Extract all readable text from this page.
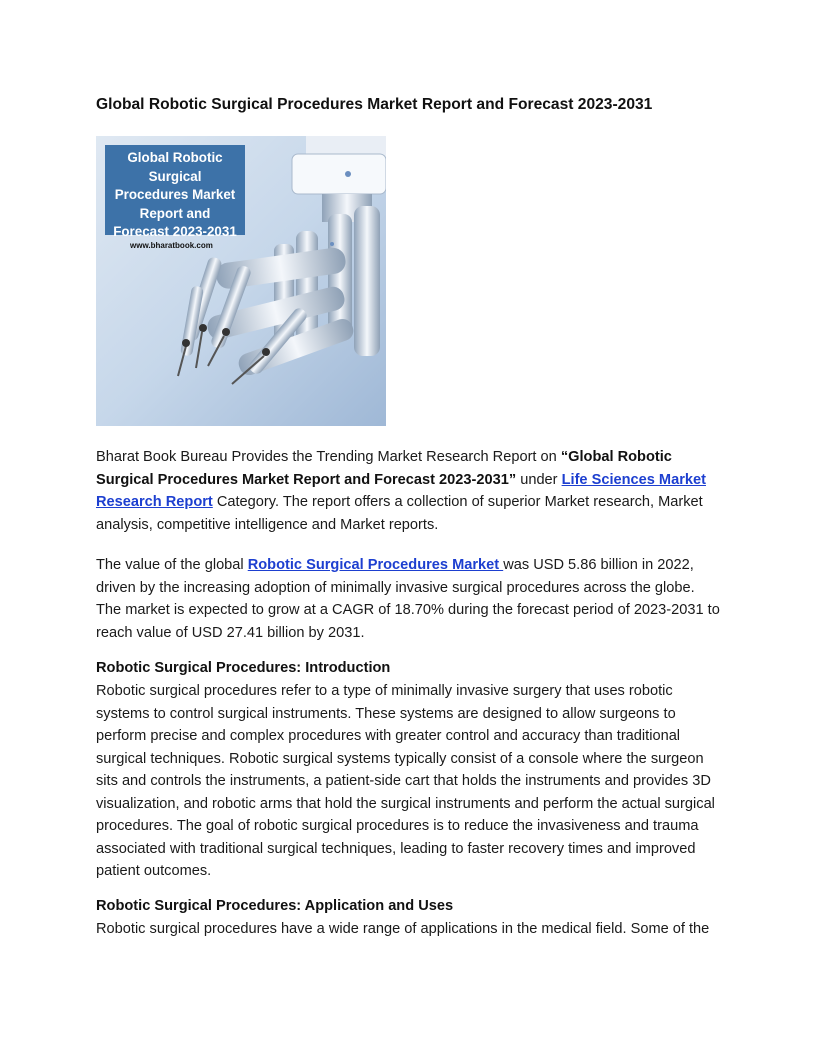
Global Robotic Surgical Procedures Market Report and Forecast 2023-2031
Global Robotic Surgical Procedures Market Report and Forecast 2023-2031
www.bharatbook.com

Bharat Book Bureau Provides the Trending Market Research Report on “Global Robotic Surgical Procedures Market Report and Forecast 2023-2031” under Life Sciences Market Research Report Category. The report offers a collection of superior Market research, Market analysis, competitive intelligence and Market reports.

The value of the global Robotic Surgical Procedures Market was USD 5.86 billion in 2022, driven by the increasing adoption of minimally invasive surgical procedures across the globe. The market is expected to grow at a CAGR of 18.70% during the forecast period of 2023-2031 to reach value of USD 27.41 billion by 2031.

Robotic Surgical Procedures: Introduction

Robotic surgical procedures refer to a type of minimally invasive surgery that uses robotic systems to control surgical instruments. These systems are designed to allow surgeons to perform precise and complex procedures with greater control and accuracy than traditional surgical techniques. Robotic surgical systems typically consist of a console where the surgeon sits and controls the instruments, a patient-side cart that holds the instruments and provides 3D visualization, and robotic arms that hold the surgical instruments and perform the actual surgical procedures. The goal of robotic surgical procedures is to reduce the invasiveness and trauma associated with traditional surgical techniques, leading to faster recovery times and improved patient outcomes.

Robotic Surgical Procedures: Application and Uses

Robotic surgical procedures have a wide range of applications in the medical field. Some of the
